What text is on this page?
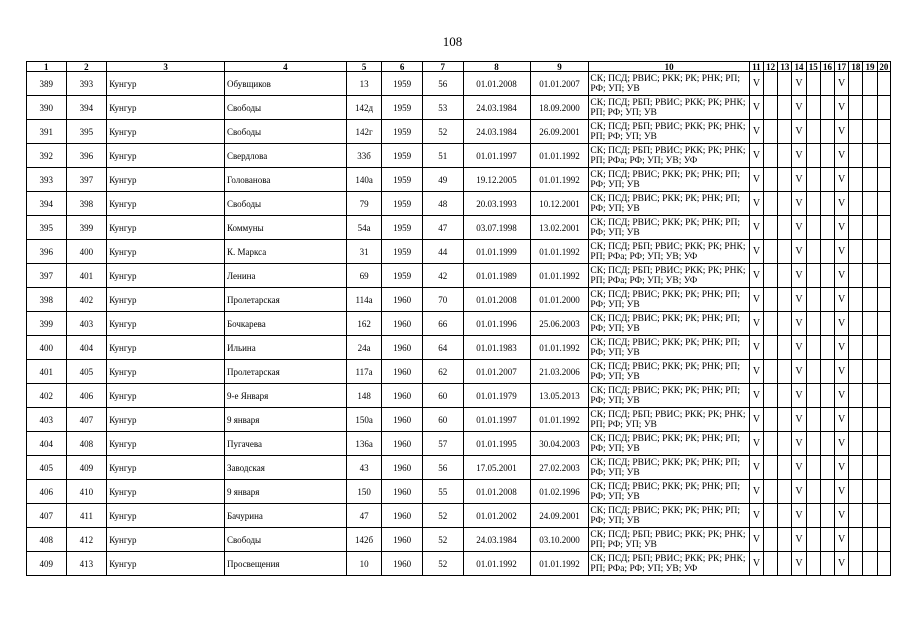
108
1	2	3	4	5	6	7	8	9	10	11	12	13	14	15	16	17	18	19	20
389	393	Кунгур	Обувщиков	13	1959	56	01.01.2008	01.01.2007	СК; ПСД; РВИС; РКК; РК; РНК; РП; РФ; УП; УВ	V			V			V			
390	394	Кунгур	Свободы	142д	1959	53	24.03.1984	18.09.2000	СК; ПСД; РБП; РВИС; РКК; РК; РНК; РП; РФ; УП; УВ	V			V			V			
391	395	Кунгур	Свободы	142г	1959	52	24.03.1984	26.09.2001	СК; ПСД; РБП; РВИС; РКК; РК; РНК; РП; РФ; УП; УВ	V			V			V			
392	396	Кунгур	Свердлова	33б	1959	51	01.01.1997	01.01.1992	СК; ПСД; РБП; РВИС; РКК; РК; РНК; РП; РФа; РФ; УП; УВ; УФ	V			V			V			
393	397	Кунгур	Голованова	140а	1959	49	19.12.2005	01.01.1992	СК; ПСД; РВИС; РКК; РК; РНК; РП; РФ; УП; УВ	V			V			V			
394	398	Кунгур	Свободы	79	1959	48	20.03.1993	10.12.2001	СК; ПСД; РВИС; РКК; РК; РНК; РП; РФ; УП; УВ	V			V			V			
395	399	Кунгур	Коммуны	54а	1959	47	03.07.1998	13.02.2001	СК; ПСД; РВИС; РКК; РК; РНК; РП; РФ; УП; УВ	V			V			V			
396	400	Кунгур	К. Маркса	31	1959	44	01.01.1999	01.01.1992	СК; ПСД; РБП; РВИС; РКК; РК; РНК; РП; РФа; РФ; УП; УВ; УФ	V			V			V			
397	401	Кунгур	Ленина	69	1959	42	01.01.1989	01.01.1992	СК; ПСД; РБП; РВИС; РКК; РК; РНК; РП; РФа; РФ; УП; УВ; УФ	V			V			V			
398	402	Кунгур	Пролетарская	114а	1960	70	01.01.2008	01.01.2000	СК; ПСД; РВИС; РКК; РК; РНК; РП; РФ; УП; УВ	V			V			V			
399	403	Кунгур	Бочкарева	162	1960	66	01.01.1996	25.06.2003	СК; ПСД; РВИС; РКК; РК; РНК; РП; РФ; УП; УВ	V			V			V			
400	404	Кунгур	Ильина	24а	1960	64	01.01.1983	01.01.1992	СК; ПСД; РВИС; РКК; РК; РНК; РП; РФ; УП; УВ	V			V			V			
401	405	Кунгур	Пролетарская	117а	1960	62	01.01.2007	21.03.2006	СК; ПСД; РВИС; РКК; РК; РНК; РП; РФ; УП; УВ	V			V			V			
402	406	Кунгур	9-е Января	148	1960	60	01.01.1979	13.05.2013	СК; ПСД; РВИС; РКК; РК; РНК; РП; РФ; УП; УВ	V			V			V			
403	407	Кунгур	9 января	150а	1960	60	01.01.1997	01.01.1992	СК; ПСД; РБП; РВИС; РКК; РК; РНК; РП; РФ; УП; УВ	V			V			V			
404	408	Кунгур	Пугачева	136а	1960	57	01.01.1995	30.04.2003	СК; ПСД; РВИС; РКК; РК; РНК; РП; РФ; УП; УВ	V			V			V			
405	409	Кунгур	Заводская	43	1960	56	17.05.2001	27.02.2003	СК; ПСД; РВИС; РКК; РК; РНК; РП; РФ; УП; УВ	V			V			V			
406	410	Кунгур	9 января	150	1960	55	01.01.2008	01.02.1996	СК; ПСД; РВИС; РКК; РК; РНК; РП; РФ; УП; УВ	V			V			V			
407	411	Кунгур	Бачурина	47	1960	52	01.01.2002	24.09.2001	СК; ПСД; РВИС; РКК; РК; РНК; РП; РФ; УП; УВ	V			V			V			
408	412	Кунгур	Свободы	142б	1960	52	24.03.1984	03.10.2000	СК; ПСД; РБП; РВИС; РКК; РК; РНК; РП; РФ; УП; УВ	V			V			V			
409	413	Кунгур	Просвещения	10	1960	52	01.01.1992	01.01.1992	СК; ПСД; РБП; РВИС; РКК; РК; РНК; РП; РФа; РФ; УП; УВ; УФ	V			V			V			
